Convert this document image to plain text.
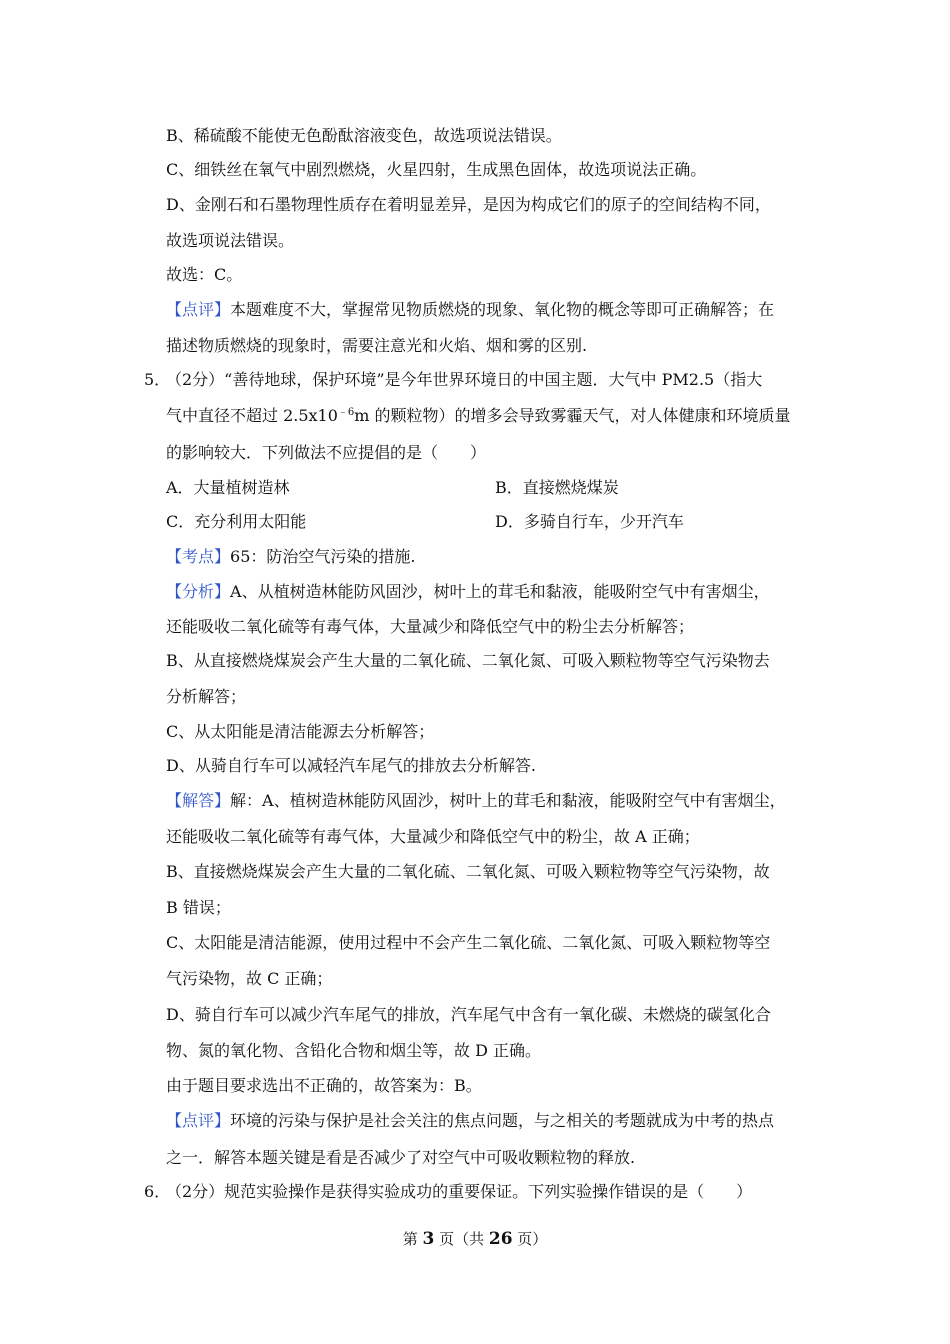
B、稀硫酸不能使无色酚酞溶液变色，故选项说法错误。
C、细铁丝在氧气中剧烈燃烧，火星四射，生成黑色固体，故选项说法正确。
D、金刚石和石墨物理性质存在着明显差异，是因为构成它们的原子的空间结构不同，
故选项说法错误。
故选：C。
【点评】本题难度不大，掌握常见物质燃烧的现象、氧化物的概念等即可正确解答；在
描述物质燃烧的现象时，需要注意光和火焰、烟和雾的区别.
5．
（2分）“善待地球，保护环境”是今年世界环境日的中国主题．大气中 PM2.5（指大
气中直径不超过 $2.5x10^{﹣6}m$ 的颗粒物）的增多会导致雾霾天气，对人体健康和环境质量
的影响较大．下列做法不应提倡的是（　　）
A．大量植树造林	B．直接燃烧煤炭
C．充分利用太阳能	D．多骑自行车，少开汽车
【考点】65：防治空气污染的措施.
【分析】A、从植树造林能防风固沙，树叶上的茸毛和黏液，能吸附空气中有害烟尘，
还能吸收二氧化硫等有毒气体，大量减少和降低空气中的粉尘去分析解答；
B、从直接燃烧煤炭会产生大量的二氧化硫、二氧化氮、可吸入颗粒物等空气污染物去
分析解答；
C、从太阳能是清洁能源去分析解答；
D、从骑自行车可以减轻汽车尾气的排放去分析解答.
【解答】解：A、植树造林能防风固沙，树叶上的茸毛和黏液，能吸附空气中有害烟尘，
还能吸收二氧化硫等有毒气体，大量减少和降低空气中的粉尘，故 A 正确；
B、直接燃烧煤炭会产生大量的二氧化硫、二氧化氮、可吸入颗粒物等空气污染物，故
B 错误；
C、太阳能是清洁能源，使用过程中不会产生二氧化硫、二氧化氮、可吸入颗粒物等空
气污染物，故 C 正确；
D、骑自行车可以减少汽车尾气的排放，汽车尾气中含有一氧化碳、未燃烧的碳氢化合
物、氮的氧化物、含铅化合物和烟尘等，故 D 正确。
由于题目要求选出不正确的，故答案为：B。
【点评】环境的污染与保护是社会关注的焦点问题，与之相关的考题就成为中考的热点
之一．解答本题关键是看是否减少了对空气中可吸收颗粒物的释放.
6．
（2分）规范实验操作是获得实验成功的重要保证。下列实验操作错误的是（　　）
第 3 页（共 26 页）
